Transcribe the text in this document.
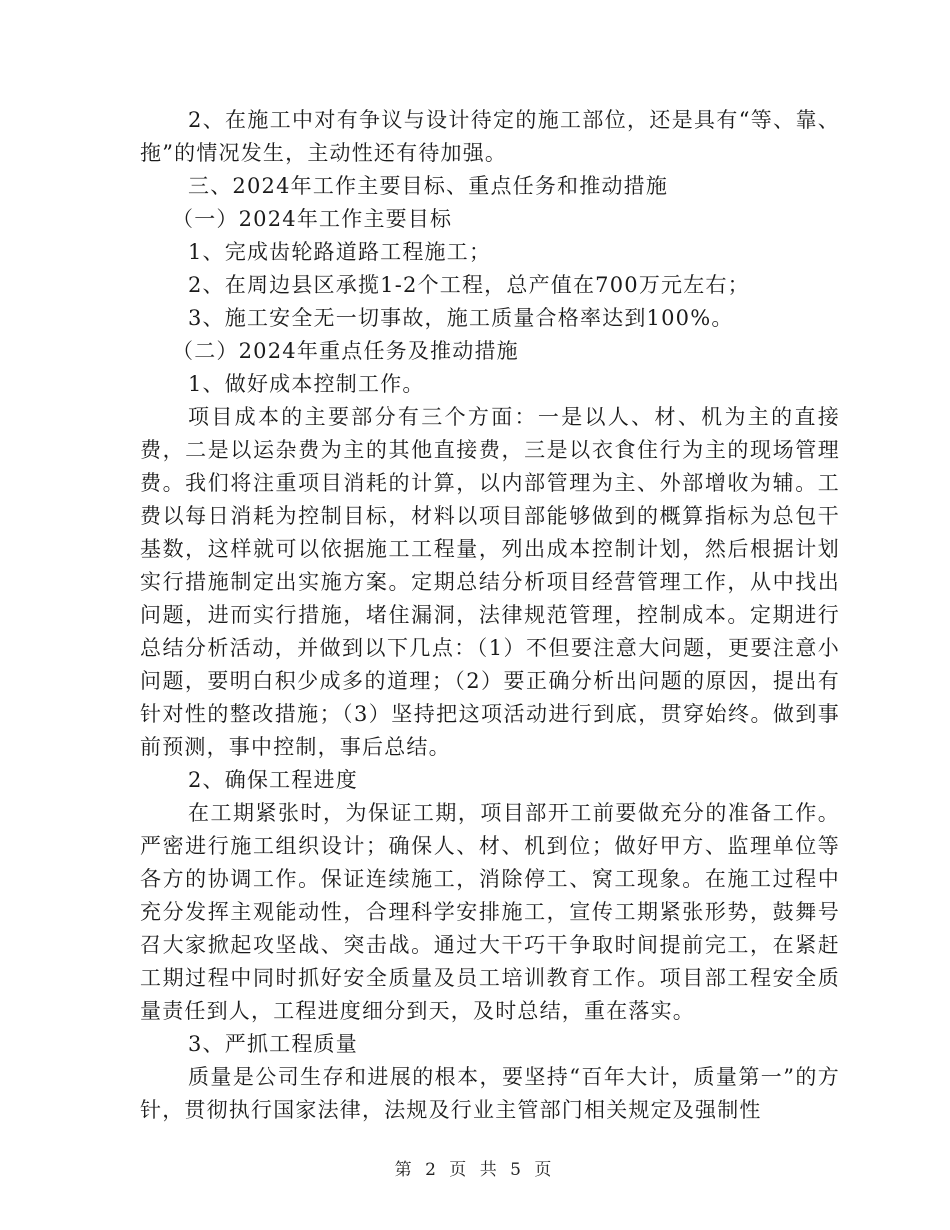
2、在施工中对有争议与设计待定的施工部位，还是具有“等、靠、拖”的情况发生，主动性还有待加强。

三、2024年工作主要目标、重点任务和推动措施

（一）2024年工作主要目标

1、完成齿轮路道路工程施工；

2、在周边县区承揽1-2个工程，总产值在700万元左右；

3、施工安全无一切事故，施工质量合格率达到100%。

（二）2024年重点任务及推动措施

1、做好成本控制工作。

项目成本的主要部分有三个方面：一是以人、材、机为主的直接费，二是以运杂费为主的其他直接费，三是以衣食住行为主的现场管理费。我们将注重项目消耗的计算，以内部管理为主、外部增收为辅。工费以每日消耗为控制目标，材料以项目部能够做到的概算指标为总包干基数，这样就可以依据施工工程量，列出成本控制计划，然后根据计划实行措施制定出实施方案。定期总结分析项目经营管理工作，从中找出问题，进而实行措施，堵住漏洞，法律规范管理，控制成本。定期进行总结分析活动，并做到以下几点：（1）不但要注意大问题，更要注意小问题，要明白积少成多的道理；（2）要正确分析出问题的原因，提出有针对性的整改措施；（3）坚持把这项活动进行到底，贯穿始终。做到事前预测，事中控制，事后总结。

2、确保工程进度

在工期紧张时，为保证工期，项目部开工前要做充分的准备工作。严密进行施工组织设计；确保人、材、机到位；做好甲方、监理单位等各方的协调工作。保证连续施工，消除停工、窝工现象。在施工过程中充分发挥主观能动性，合理科学安排施工，宣传工期紧张形势，鼓舞号召大家掀起攻坚战、突击战。通过大干巧干争取时间提前完工，在紧赶工期过程中同时抓好安全质量及员工培训教育工作。项目部工程安全质量责任到人，工程进度细分到天，及时总结，重在落实。

3、严抓工程质量

质量是公司生存和进展的根本，要坚持“百年大计，质量第一”的方针，贯彻执行国家法律，法规及行业主管部门相关规定及强制性

第 2 页 共 5 页
